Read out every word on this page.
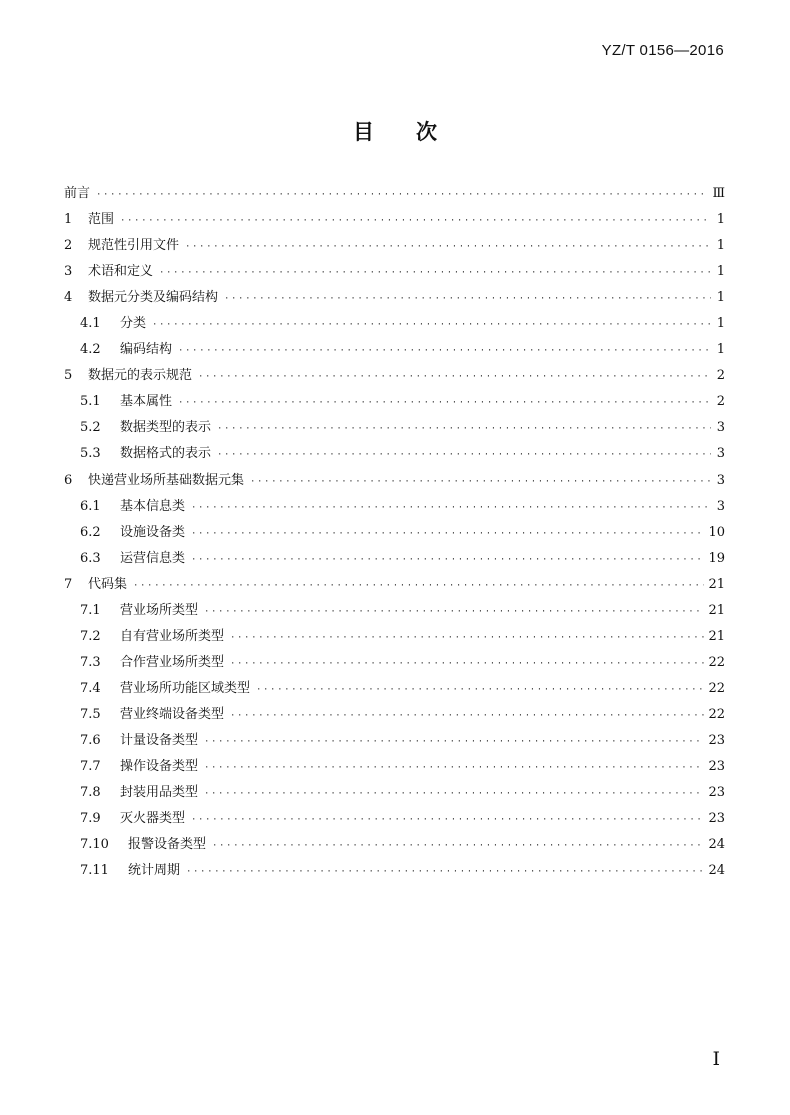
YZ/T 0156—2016
目 次
前言 ·····	Ⅲ
1	范围 ·····	1
2	规范性引用文件 ·····	1
3	术语和定义 ·····	1
4	数据元分类及编码结构 ·····	1
4.1	分类 ·····	1
4.2	编码结构 ·····	1
5	数据元的表示规范 ·····	2
5.1	基本属性 ·····	2
5.2	数据类型的表示 ·····	3
5.3	数据格式的表示 ·····	3
6	快递营业场所基础数据元集 ·····	3
6.1	基本信息类 ·····	3
6.2	设施设备类 ·····	10
6.3	运营信息类 ·····	19
7	代码集 ·····	21
7.1	营业场所类型 ·····	21
7.2	自有营业场所类型 ·····	21
7.3	合作营业场所类型 ·····	22
7.4	营业场所功能区域类型 ·····	22
7.5	营业终端设备类型 ·····	22
7.6	计量设备类型 ·····	23
7.7	操作设备类型 ·····	23
7.8	封装用品类型 ·····	23
7.9	灭火器类型 ·····	23
7.10	报警设备类型 ·····	24
7.11	统计周期 ·····	24
I
